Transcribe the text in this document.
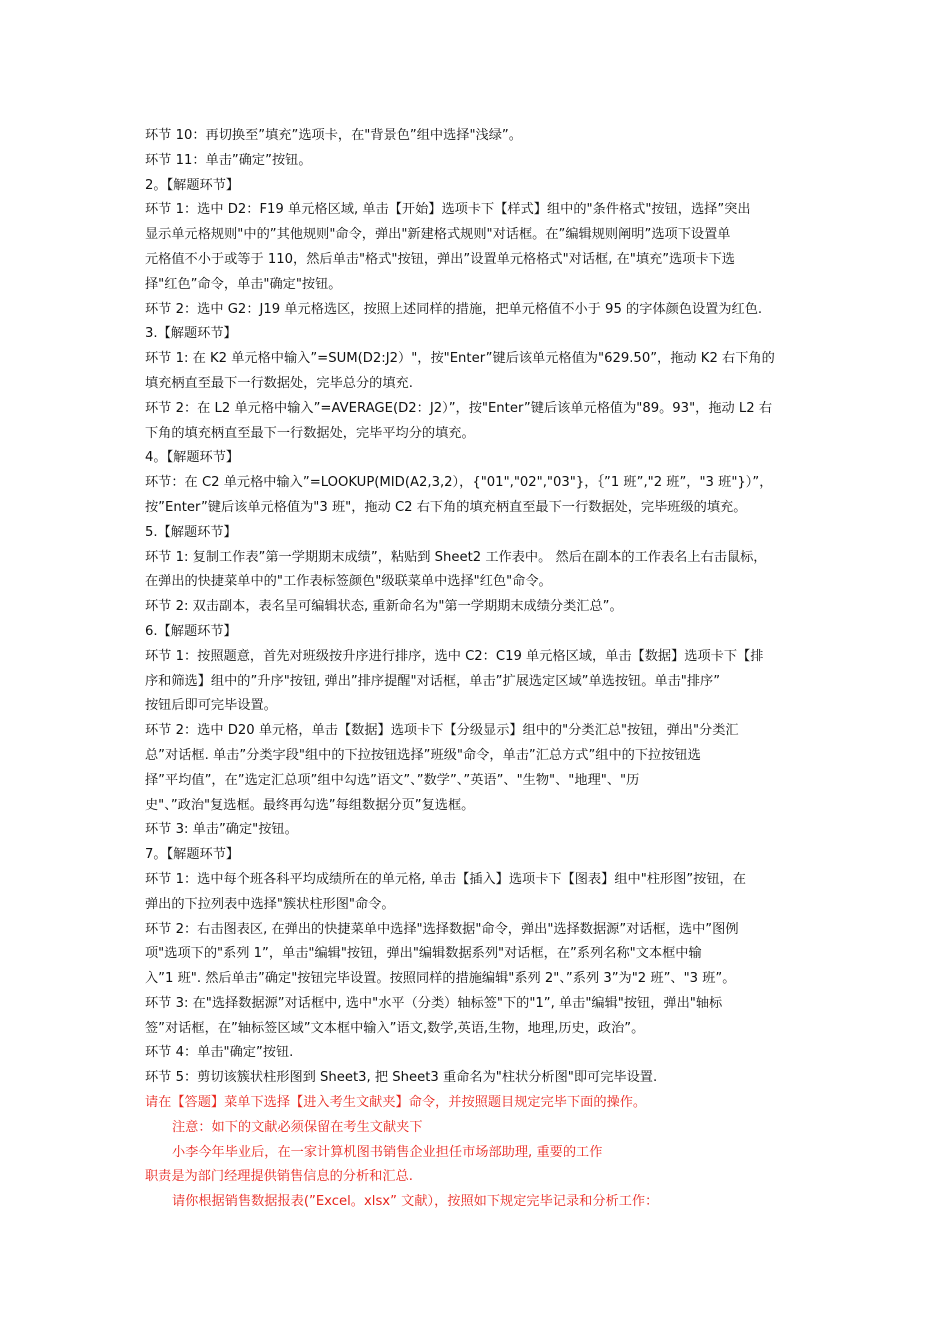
环节 10：再切换至”填充”选项卡，在"背景色”组中选择"浅绿”。
环节 11：单击”确定”按钮。
2。【解题环节】
环节 1：选中 D2：F19 单元格区域, 单击【开始】选项卡下【样式】组中的"条件格式"按钮，选择”突出
显示单元格规则"中的”其他规则"命令，弹出"新建格式规则"对话框。在”编辑规则阐明”选项下设置单
元格值不小于或等于 110，然后单击"格式"按钮，弹出”设置单元格格式"对话框, 在"填充”选项卡下选
择"红色”命令，单击"确定"按钮。
环节 2：选中 G2：J19 单元格选区，按照上述同样的措施，把单元格值不小于 95 的字体颜色设置为红色.
3.【解题环节】
环节 1: 在 K2 单元格中输入”=SUM(D2:J2）"，按"Enter”键后该单元格值为"629.50”，拖动 K2 右下角的
填充柄直至最下一行数据处，完毕总分的填充.
环节 2：在 L2 单元格中输入”=AVERAGE(D2：J2）”，按"Enter”键后该单元格值为"89。93"，拖动 L2 右
下角的填充柄直至最下一行数据处，完毕平均分的填充。
4。【解题环节】
环节：在 C2 单元格中输入”=LOOKUP(MID(A2,3,2），{"01","02","03"}，｛”1 班”,"2 班”，"3 班"}）”，
按”Enter”键后该单元格值为"3 班"，拖动 C2 右下角的填充柄直至最下一行数据处，完毕班级的填充。
5.【解题环节】
环节 1: 复制工作表”第一学期期末成绩”，粘贴到 Sheet2 工作表中。 然后在副本的工作表名上右击鼠标，
在弹出的快捷菜单中的"工作表标签颜色"级联菜单中选择"红色"命令。
环节 2: 双击副本，表名呈可编辑状态, 重新命名为"第一学期期末成绩分类汇总”。
6.【解题环节】
环节 1：按照题意，首先对班级按升序进行排序，选中 C2：C19 单元格区域，单击【数据】选项卡下【排
序和筛选】组中的”升序"按钮, 弹出”排序提醒"对话框，单击”扩展选定区域”单选按钮。单击"排序”
按钮后即可完毕设置。
环节 2：选中 D20 单元格，单击【数据】选项卡下【分级显示】组中的"分类汇总"按钮，弹出"分类汇
总”对话框. 单击”分类字段"组中的下拉按钮选择”班级"命令，单击”汇总方式”组中的下拉按钮选
择”平均值”，在”选定汇总项”组中勾选”语文”、”数学”、”英语”、"生物"、"地理"、"历
史"、”政治"复选框。最终再勾选”每组数据分页”复选框。
环节 3: 单击”确定"按钮。
7。【解题环节】
环节 1：选中每个班各科平均成绩所在的单元格, 单击【插入】选项卡下【图表】组中"柱形图”按钮，在
弹出的下拉列表中选择"簇状柱形图"命令。
环节 2：右击图表区, 在弹出的快捷菜单中选择"选择数据"命令，弹出"选择数据源”对话框，选中”图例
项"选项下的"系列 1”，单击"编辑"按钮，弹出"编辑数据系列"对话框，在”系列名称"文本框中输
入”1 班". 然后单击”确定"按钮完毕设置。按照同样的措施编辑"系列 2"、”系列 3”为"2 班”、"3 班”。
环节 3: 在"选择数据源”对话框中, 选中"水平（分类）轴标签"下的"1”, 单击"编辑"按钮，弹出"轴标
签”对话框，在”轴标签区域”文本框中输入”语文,数学,英语,生物，地理,历史，政治”。
环节 4：单击"确定”按钮.
环节 5：剪切该簇状柱形图到 Sheet3, 把 Sheet3 重命名为"柱状分析图"即可完毕设置.
请在【答题】菜单下选择【进入考生文献夹】命令，并按照题目规定完毕下面的操作。
注意：如下的文献必须保留在考生文献夹下
小李今年毕业后，在一家计算机图书销售企业担任市场部助理, 重要的工作
职责是为部门经理提供销售信息的分析和汇总.
请你根据销售数据报表(”Excel。xlsx” 文献），按照如下规定完毕记录和分析工作：
